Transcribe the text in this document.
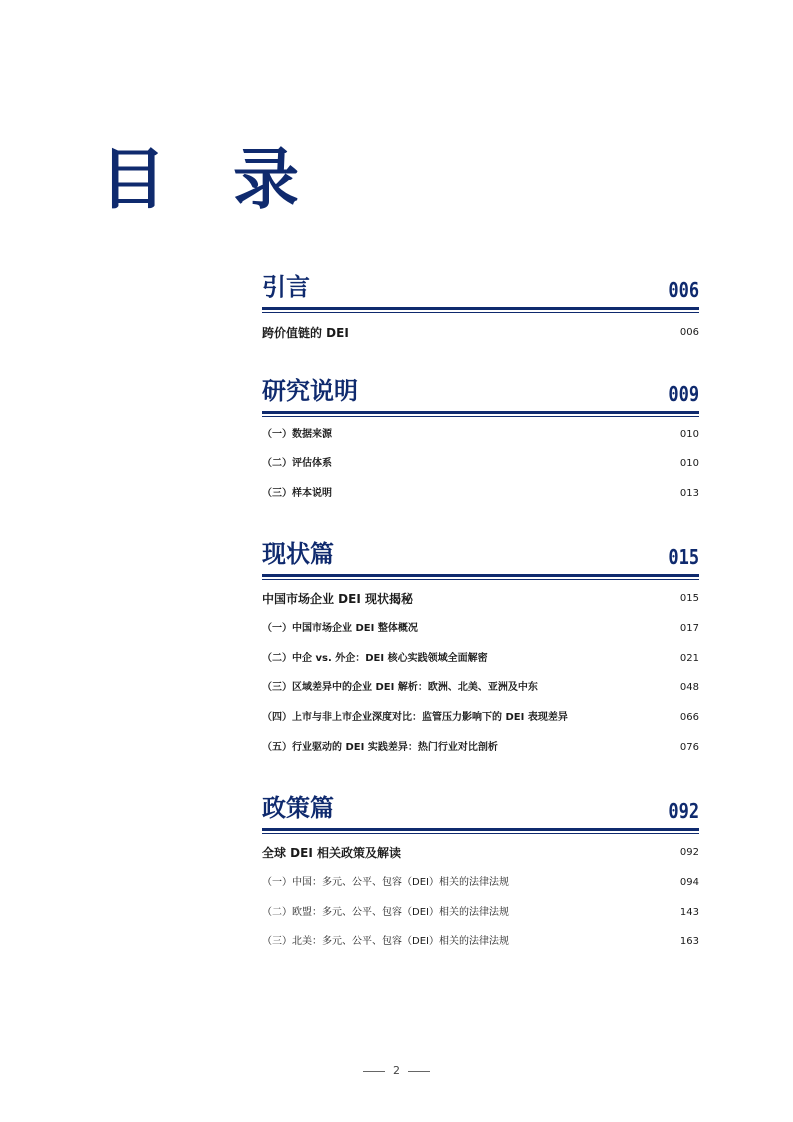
目 录
引言	006
跨价值链的 DEI	006
研究说明	009
（一）数据来源	010
（二）评估体系	010
（三）样本说明	013
现状篇	015
中国市场企业 DEI 现状揭秘	015
（一）中国市场企业 DEI 整体概况	017
（二）中企 vs. 外企：DEI 核心实践领域全面解密	021
（三）区域差异中的企业 DEI 解析：欧洲、北美、亚洲及中东	048
（四）上市与非上市企业深度对比：监管压力影响下的 DEI 表现差异	066
（五）行业驱动的 DEI 实践差异：热门行业对比剖析	076
政策篇	092
全球 DEI 相关政策及解读	092
（一）中国：多元、公平、包容（DEI）相关的法律法规	094
（二）欧盟：多元、公平、包容（DEI）相关的法律法规	143
（三）北美：多元、公平、包容（DEI）相关的法律法规	163
2
